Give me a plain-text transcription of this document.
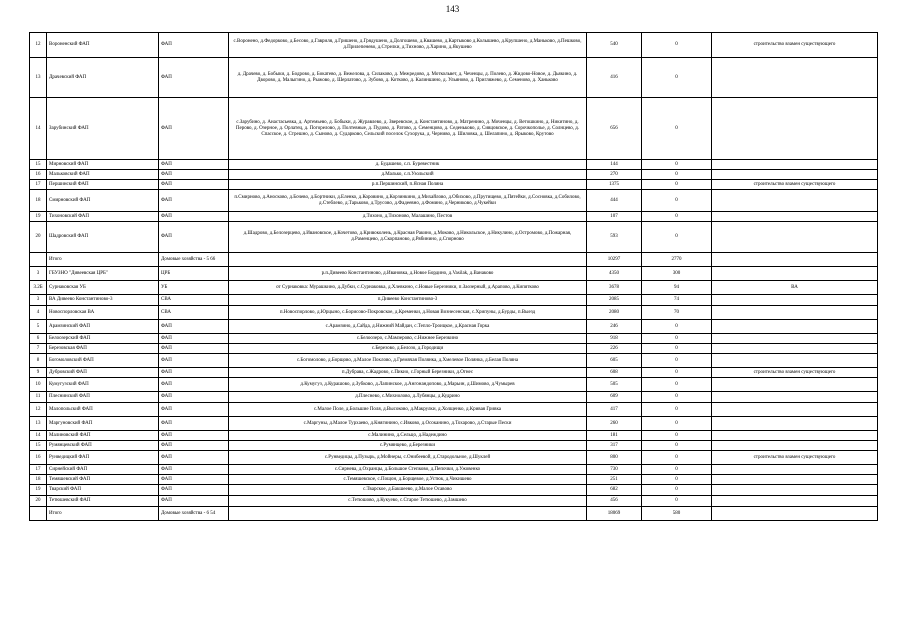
143
12	Вороненский ФАП	ФАП	с.Воронено, д.Федорково, д.Бесово, д.Гавриля, д.Гришено, д.Грядушено, д.Долгошево, д.Квашево, д.Картыково д.Колышево, д.Крупшено, д.Маньково, д.Пешково, д.Прилепенево, д.Стрелки, д.Тихново, д.Харино, д.Якушево	540	0	строительство взамен существующего
13	Драчевский ФАП	ФАП	д. Драчево, д. Бобыки, д. Бодрово, д. Бокатево, д. Вежелова, д. Силаково, д. Межредово, д. Моткольвет, д. Чеченцы, д. Полево, д. Жидово-Новое, д. Дьякино, д. Дворово, д. Малыгино, д. Рыжово, д. Шерлатово, д. Зубово, д. Котково, д. Калиншино, д. Ульяново, д. Пригляжево, д. Семеново, д. Ханьково	416	0	
14	Зарубинский ФАП	ФАП	с.Зарубино, д. Анастасьевка, д. Артемьево, д. Бобыки, д. Журавлево, д. Зверевское, д. Константиново, д. Матренино, д. Моченцы, д. Ветошкино, д. Никитино, д. Перово, д. Озерное, д. Орлатец, д. Погорелово, д. Полтевные, д. Пудово, д. Ратово, д. Семенцово, д. Седеньково, д. Сивцовское, д. Сорочкополье, д. Солнцево, д. Спасское, д. Стрешно, д. Сыново, д. Сударково, Сельский поселок Сухорука, д. Черниво, д. Шиловка, д. Шелапино, д. Ярыково, Крутово	656	0	
15	Мирновский ФАП	ФАП	д. Будашево, с.п. Буревестник	144	0	
16	Мальковский ФАП	ФАП	д.Малько, с.п.Узольский	270	0	
17	Першинский ФАП	ФАП	р.п.Першинский, п.Ясная Поляна	1375	0	строительство взамен существующего
18	Смирновский ФАП	ФАП	п.Смирново, д.Аносково, д.Бочево, д.Бортники, д.Еленко, д.Коровино, д.Корзинкино, д.Михайлово, д.Обихово, д.Прутищево, д.Пятейки, д.Сосновка, д.Собилово, д.Стеблево, д.Тарьково, д.Трусово, д.Фадеевно, д.Фомино, д.Черниково, д.Чукейки	444	0	
19	Тихоновский ФАП	ФАП	д.Тихоно, д.Тихоново, Малашино, Пестов	107	0	
20	Шадровский ФАП	ФАП	д.Шадрово, д.Белозерцево, д.Ивановское, д.Кочетово, д.Кривоколень, д.Красная Ракино, д.Моково, д.Никольское, д.Никулино, д.Остромово, д.Пожарная, д.Раменцево, д.Скорпаново, д.Рябинино, д.Спорново	593	0	
	Итого	Домовые хозяйства - 5 66		10297	2770	
3	ГБУЗНО "Дивеевская ЦРБ"	ЦРБ	р.п.Дивеево Константиново, д.Ивановка, д.Новое Бордино, д.Vasilak, д.Ванаково	4350	300	
3.2Б	Сурнаковская УБ	УБ	от Сурнаковка: Мурашкино, д.Дубки, с.Сурнаковка, д.Хлевкино, с.Новые Березники, п.Заозерный, д.Арапово, д.Кипятково	3678	94	ВА
3	ВА Дивеево Константиново-3	СВА	п.Дивеево Константиново-3	2085	74	
4	Новоспорловская ВА	СВА	п.Новоспорлово, д.Юрцыно, с.Борисово-Покровское, д.Кременки, д.Новая Вознесенская, с.Хрипуны, д.Бурды, п.Выезд	2080	70	
5	Арамзинский ФАП	ФАП	с.Арамзино, д.Сайда, д.Нижний Майдан, с.Тепло-Троицкое, д.Красная Горка	246	0	
6	Белоозерский ФАП	ФАП	с.Белоозеро, с.Мамзерово, с.Нижнее Березкино	918	0	
7	Березовская ФАП	ФАП	с.Березово, д.Белозо, д.Городищи	226	0	
8	Богомоловский ФАП	ФАП	с.Богомолово, д.Борщово, д.Малое Поклово, д.Гремячая Полянка, д.Хмелевое Полянка, д.Белая Поляна	605	0	
9	Дубровский ФАП	ФАП	п.Дубрава, с.Жадрово, с.Пикио, с.Горный Березники, д.Огнес	608	0	строительство взамен существующего
10	Кумугузский ФАП	ФАП	д.Кумугуз, д.Курашово, д.Зубково, д.Лапинское, д.Ангонандопово, д.Марьин, д.Шимово, д.Чумырев	505	0	
11	Плеснинский ФАП	ФАП	д.Плеснево, с.Михнолово, д.Лубянцы, д.Кудрино	609	0	
12	Малопольский ФАП	ФАП	с.Малое Поле, д.Большие Поля, д.Высоково, д.Макрулки, д.Холщенко, д.Кривая Гривка	417	0	
13	Маргуновский ФАП	ФАП	с.Маргуны, д.Малое Турхаево, д.Княгинино, с.Ивково, д.Осоканино, д.Тохарово, д.Старые Пески	260	0	
14	Малиновский ФАП	ФАП	с.Малинино, д.Сельцо, д.Надеждино	181	0	
15	Румянцевский ФАП	ФАП	с.Румянцево, д.Березники	317	0	
16	Рунведицкий ФАП	ФАП	с.Рунведицы, д.Пузырь, д.Мойнеры, с.Онибеевой, д.Стародольное, д.Шуклей	800	0	строительство взамен существующего
17	Сирнейский ФАП	ФАП	с.Сирнева, д.Охранцы, д.Большое Степково, д.Пепочки, д.Ужовенко	730	0	
18	Темяшевский ФАП	ФАП	с.Темяшевское, с.Пощон, д.Борщевое, д.Устюк, д.Чикишево	251	0	
19	Тварский ФАП	ФАП	с.Тварское, д.Бакшеево, д.Малое Осавово	682	0	
20	Тетюшевский ФАП	ФАП	с.Тетюшово, д.Кукуево, с.Старое Тетюшево, д.Замшево	456	0	
	Итого	Домовые хозяйства - 6 54		18069	580	
